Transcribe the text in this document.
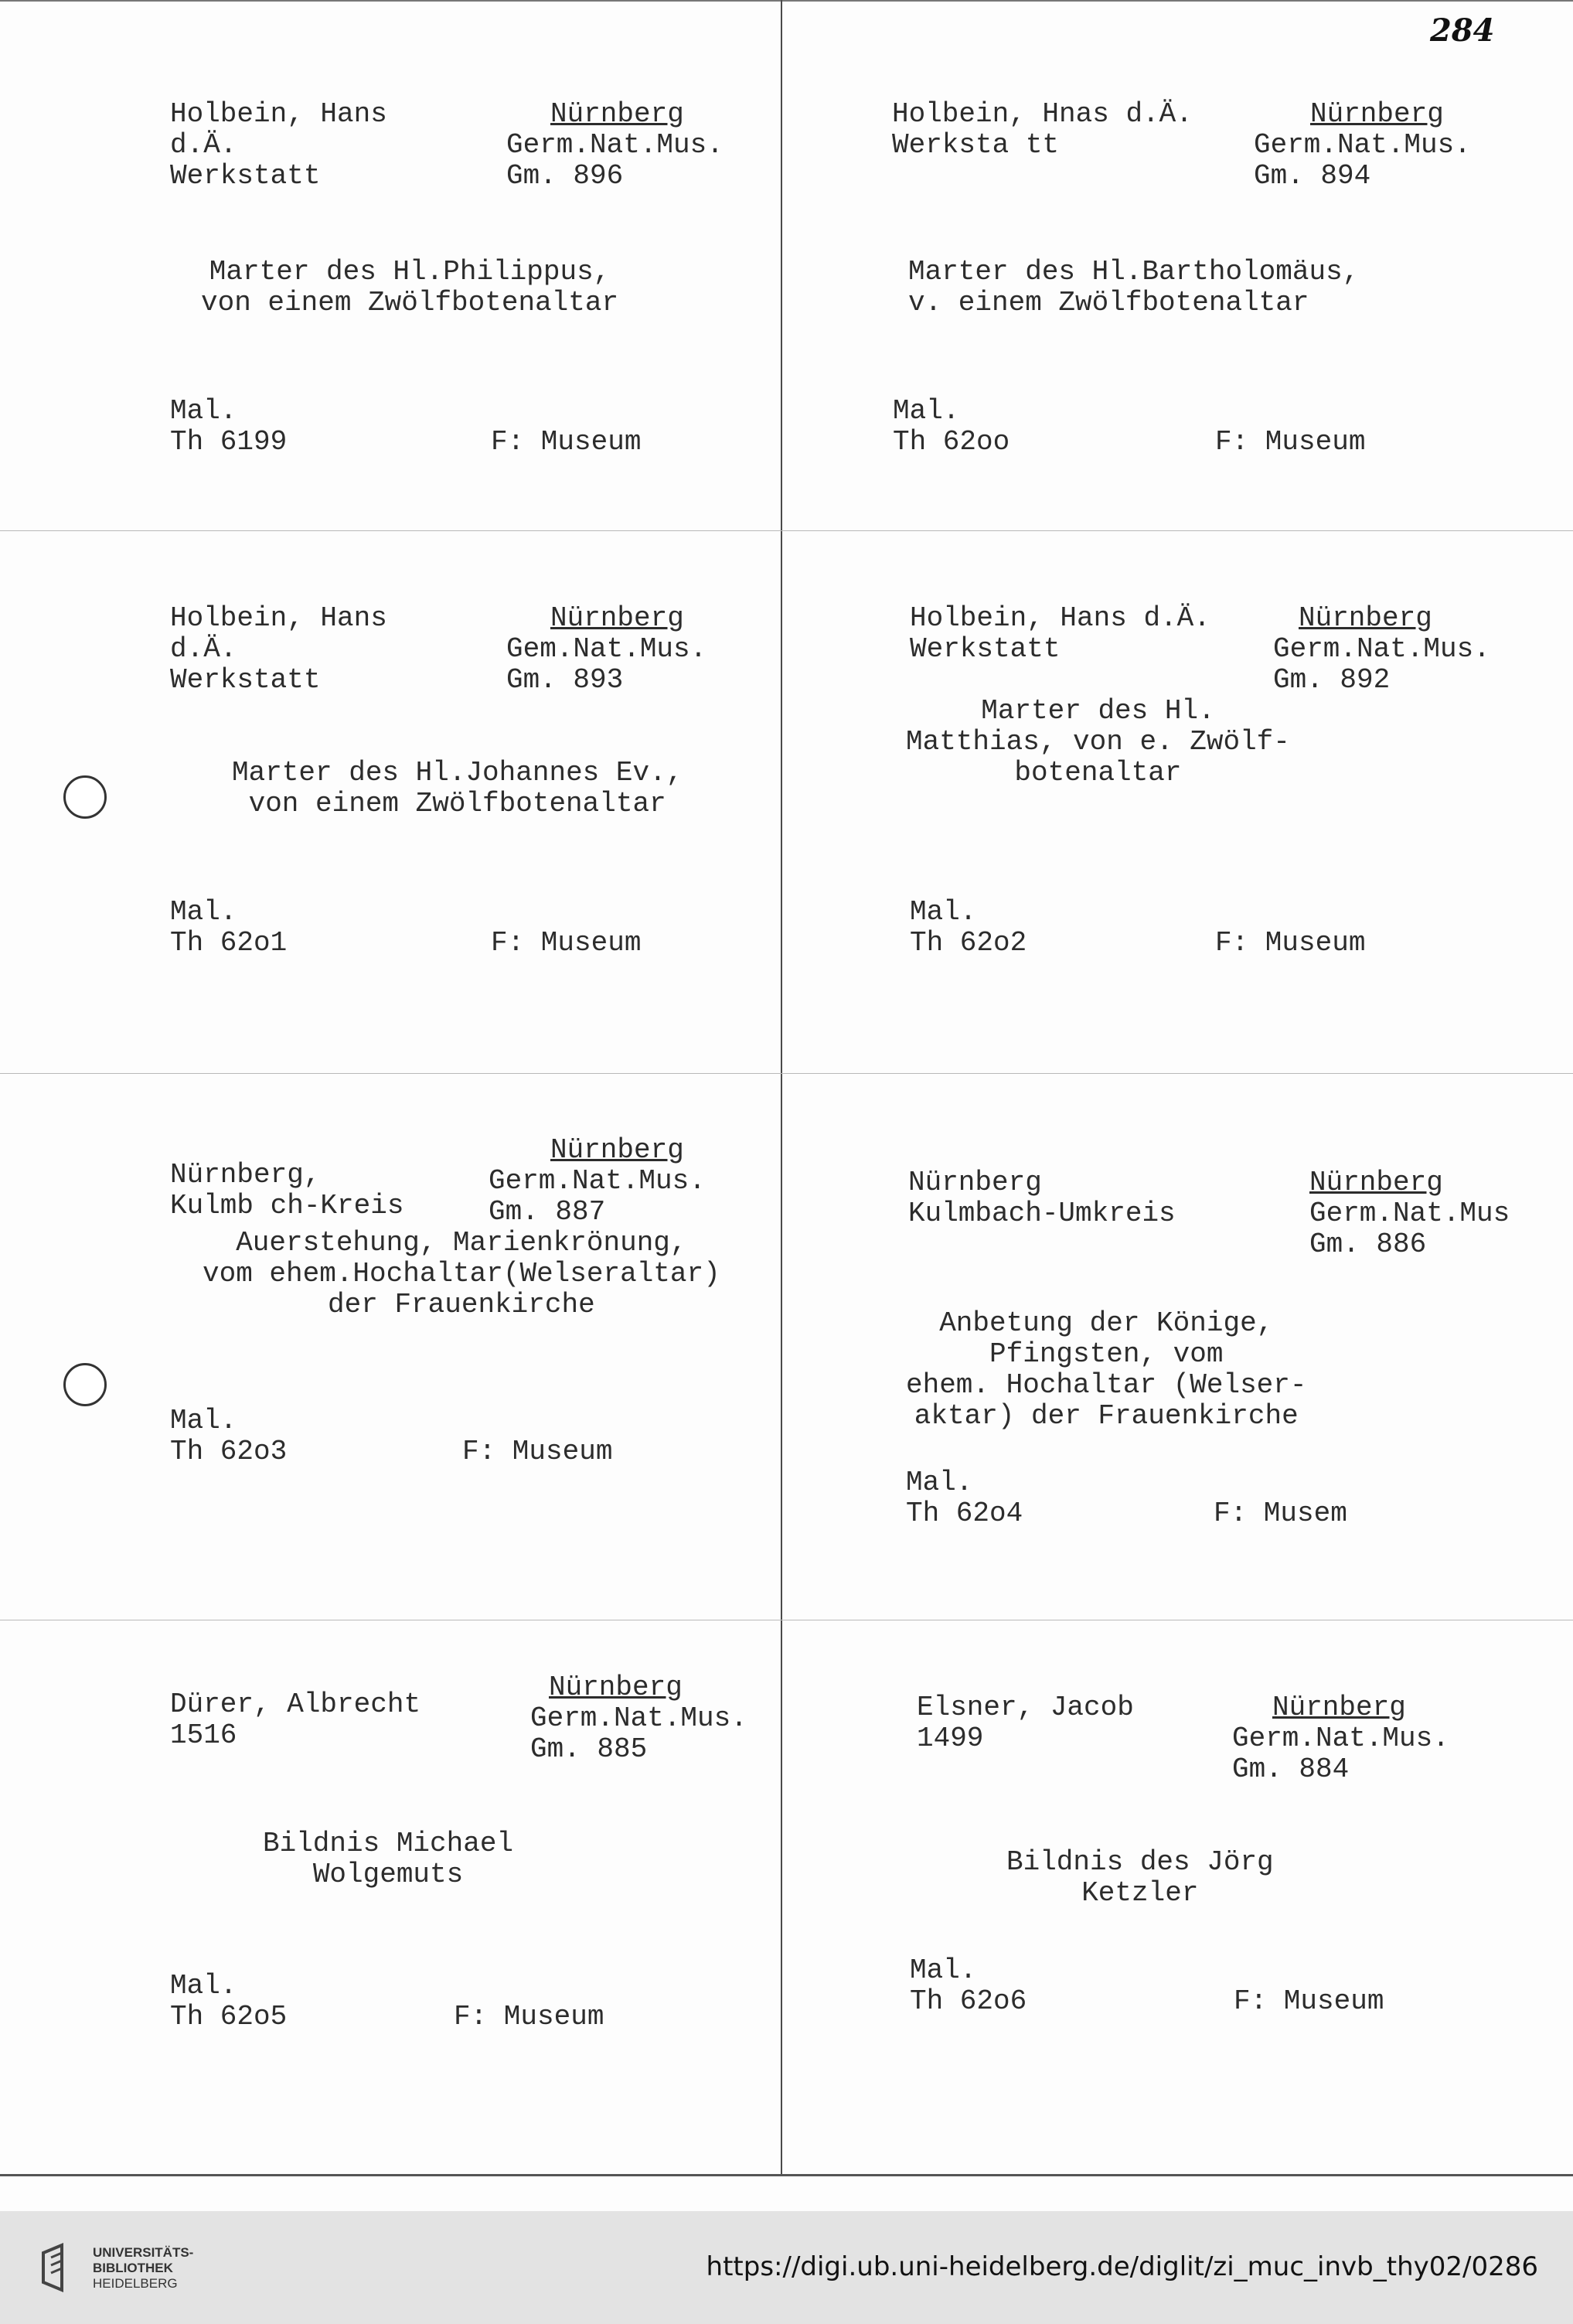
284
Holbein, Hans
d.Ä.
Werkstatt
Nürnberg
Germ.Nat.Mus.
Gm. 896
Marter des Hl.Philippus,
von einem Zwölfbotenaltar
Mal.
Th 6199	F: Museum
Holbein, Hnas d.Ä.
Werksta tt
Nürnberg
Germ.Nat.Mus.
Gm. 894
Marter des Hl.Bartholomäus,
v. einem Zwölfbotenaltar
Mal.
Th 62oo	F: Museum
Holbein, Hans
d.Ä.
Werkstatt
Nürnberg
Gem.Nat.Mus.
Gm. 893
Marter des Hl.Johannes Ev.,
von einem Zwölfbotenaltar
Mal.
Th 62o1	F: Museum
Holbein, Hans d.Ä.
Werkstatt
Nürnberg
Germ.Nat.Mus.
Gm. 892
Marter des Hl.
Matthias, von e. Zwölf-
botenaltar
Mal.
Th 62o2	F: Museum
Nürnberg,
Kulmb ch-Kreis
Nürnberg
Germ.Nat.Mus.
Gm. 887
Auerstehung, Marienkrönung,
vom ehem.Hochaltar(Welseraltar)
der Frauenkirche
Mal.
Th 62o3	F: Museum
Nürnberg
Kulmbach-Umkreis
Nürnberg
Germ.Nat.Mus
Gm. 886
Anbetung der Könige,
Pfingsten, vom
ehem. Hochaltar (Welser-
aktar) der Frauenkirche
Mal.
Th 62o4	F: Musem
Dürer, Albrecht
1516
Nürnberg
Germ.Nat.Mus.
Gm. 885
Bildnis Michael
Wolgemuts
Mal.
Th 62o5	F: Museum
Elsner, Jacob
1499
Nürnberg
Germ.Nat.Mus.
Gm. 884
Bildnis des Jörg
Ketzler
Mal.
Th 62o6	F: Museum
UNIVERSITÄTS-
BIBLIOTHEK
HEIDELBERG
https://digi.ub.uni-heidelberg.de/diglit/zi_muc_invb_thy02/0286
